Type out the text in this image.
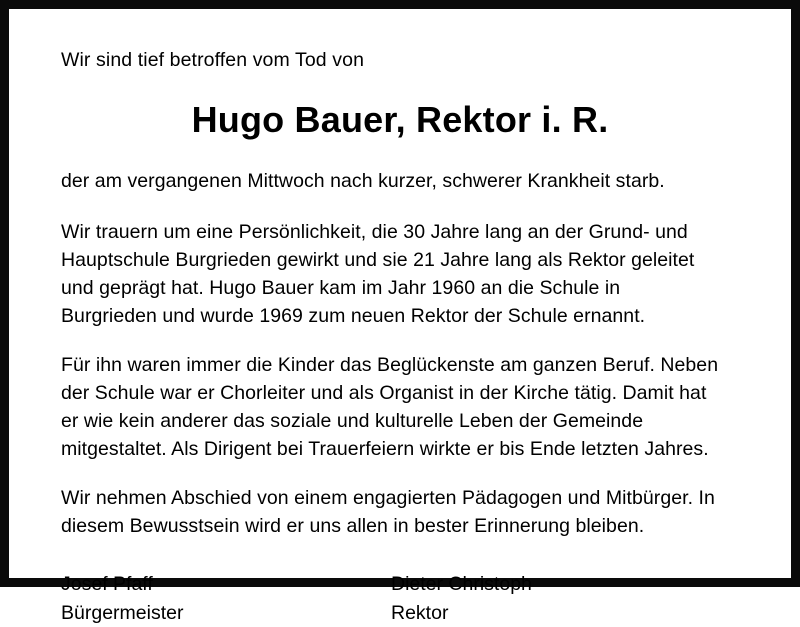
Wir sind tief betroffen vom Tod von
Hugo Bauer, Rektor i. R.
der am vergangenen Mittwoch nach kurzer, schwerer Krankheit starb.
Wir trauern um eine Persönlichkeit, die 30 Jahre lang an der Grund- und Hauptschule Burgrieden gewirkt und sie 21 Jahre lang als Rektor geleitet und geprägt hat. Hugo Bauer kam im Jahr 1960 an die Schule in Burgrieden und wurde 1969 zum neuen Rektor der Schule ernannt.
Für ihn waren immer die Kinder das Beglückenste am ganzen Beruf. Neben der Schule war er Chorleiter und als Organist in der Kirche tätig. Damit hat er wie kein anderer das soziale und kulturelle Leben der Gemeinde mitgestaltet. Als Dirigent bei Trauerfeiern wirkte er bis Ende letzten Jahres.
Wir nehmen Abschied von einem engagierten Pädagogen und Mitbürger. In diesem Bewusstsein wird er uns allen in bester Erinnerung bleiben.
Josef Pfaff
Bürgermeister
Dieter Christoph
Rektor
